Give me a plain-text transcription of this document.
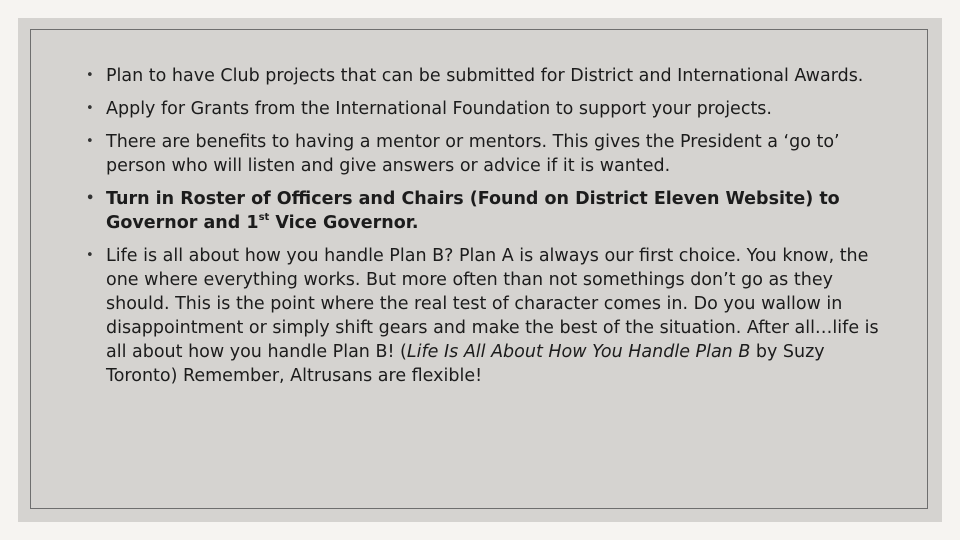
• Plan to have Club projects that can be submitted for District and International Awards.
• Apply for Grants from the International Foundation to support your projects.
• There are benefits to having a mentor or mentors. This gives the President a ‘go to’ person who will listen and give answers or advice if it is wanted.
• Turn in Roster of Officers and Chairs (Found on District Eleven Website) to Governor and 1st Vice Governor.
• Life is all about how you handle Plan B? Plan A is always our first choice. You know, the one where everything works. But more often than not somethings don’t go as they should. This is the point where the real test of character comes in. Do you wallow in disappointment or simply shift gears and make the best of the situation. After all…life is all about how you handle Plan B! (Life Is All About How You Handle Plan B by Suzy Toronto) Remember, Altrusans are flexible!
